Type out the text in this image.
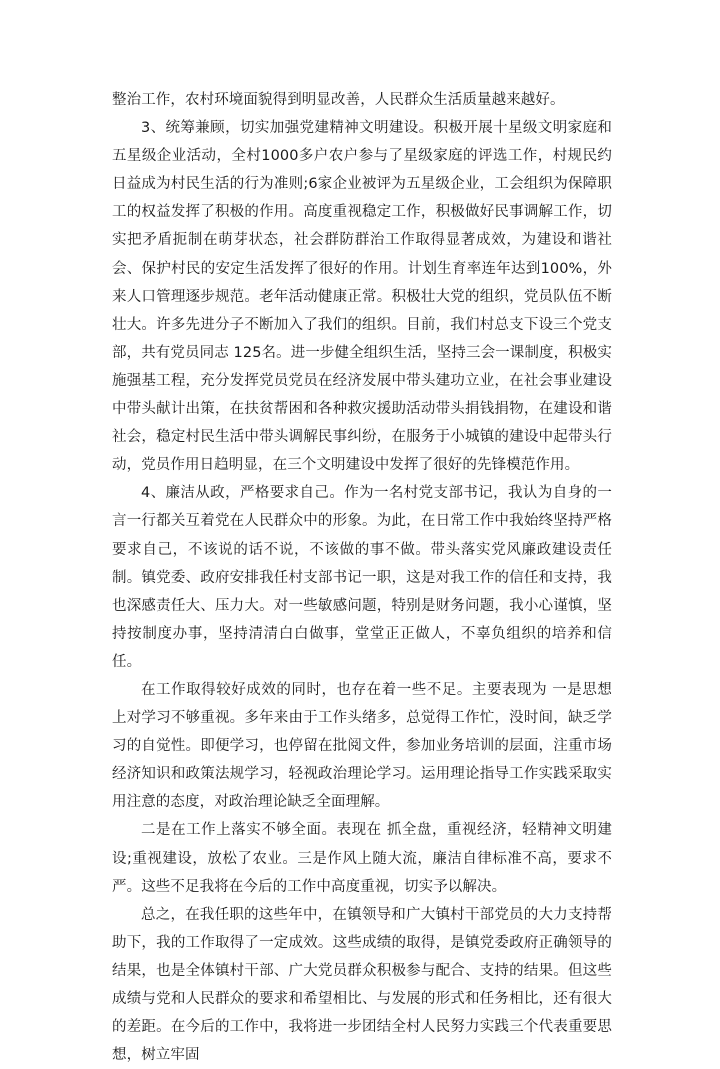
整治工作，农村环境面貌得到明显改善，人民群众生活质量越来越好。

3、统筹兼顾，切实加强党建精神文明建设。积极开展十星级文明家庭和五星级企业活动，全村1000多户农户参与了星级家庭的评选工作，村规民约日益成为村民生活的行为准则;6家企业被评为五星级企业，工会组织为保障职工的权益发挥了积极的作用。高度重视稳定工作，积极做好民事调解工作，切实把矛盾扼制在萌芽状态，社会群防群治工作取得显著成效，为建设和谐社会、保护村民的安定生活发挥了很好的作用。计划生育率连年达到100%，外来人口管理逐步规范。老年活动健康正常。积极壮大党的组织，党员队伍不断壮大。许多先进分子不断加入了我们的组织。目前，我们村总支下设三个党支部，共有党员同志 125名。进一步健全组织生活，坚持三会一课制度，积极实施强基工程，充分发挥党员党员在经济发展中带头建功立业，在社会事业建设中带头献计出策，在扶贫帮困和各种救灾援助活动带头捐钱捐物，在建设和谐社会，稳定村民生活中带头调解民事纠纷，在服务于小城镇的建设中起带头行动，党员作用日趋明显，在三个文明建设中发挥了很好的先锋模范作用。

4、廉洁从政，严格要求自己。作为一名村党支部书记，我认为自身的一言一行都关互着党在人民群众中的形象。为此，在日常工作中我始终坚持严格要求自己，不该说的话不说，不该做的事不做。带头落实党风廉政建设责任制。镇党委、政府安排我任村支部书记一职，这是对我工作的信任和支持，我也深感责任大、压力大。对一些敏感问题，特别是财务问题，我小心谨慎，坚持按制度办事，坚持清清白白做事，堂堂正正做人，不辜负组织的培养和信任。

在工作取得较好成效的同时，也存在着一些不足。主要表现为 一是思想上对学习不够重视。多年来由于工作头绪多，总觉得工作忙，没时间，缺乏学习的自觉性。即便学习，也停留在批阅文件，参加业务培训的层面，注重市场经济知识和政策法规学习，轻视政治理论学习。运用理论指导工作实践采取实用注意的态度，对政治理论缺乏全面理解。

二是在工作上落实不够全面。表现在 抓全盘，重视经济，轻精神文明建设;重视建设，放松了农业。三是作风上随大流，廉洁自律标准不高，要求不严。这些不足我将在今后的工作中高度重视，切实予以解决。

总之，在我任职的这些年中，在镇领导和广大镇村干部党员的大力支持帮助下，我的工作取得了一定成效。这些成绩的取得，是镇党委政府正确领导的结果，也是全体镇村干部、广大党员群众积极参与配合、支持的结果。但这些成绩与党和人民群众的要求和希望相比、与发展的形式和任务相比，还有很大的差距。在今后的工作中，我将进一步团结全村人民努力实践三个代表重要思想，树立牢固
